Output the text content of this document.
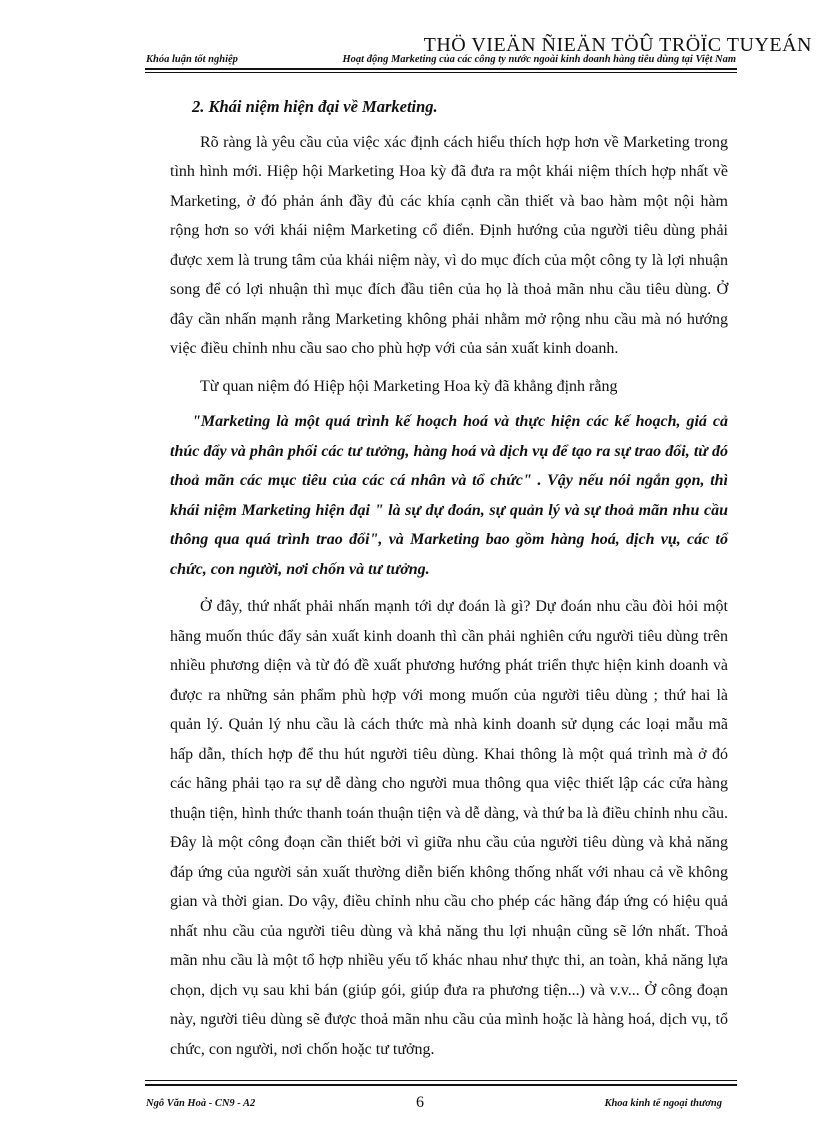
THÖ VIEÄN ÑIEÄN TÖÛ TRÖÏC TUYEÁN
Khóa luận tốt nghiệp	Hoạt động Marketing của các công ty nước ngoài kinh doanh hàng tiêu dùng tại Việt Nam
2. Khái niệm hiện đại về Marketing.

Rõ ràng là yêu cầu của việc xác định cách hiểu thích hợp hơn về Marketing trong tình hình mới. Hiệp hội Marketing Hoa kỳ đã đưa ra một khái niệm thích hợp nhất về Marketing, ở đó phản ánh đầy đủ các khía cạnh cần thiết và bao hàm một nội hàm rộng hơn so với khái niệm Marketing cổ điển. Định hướng của người tiêu dùng phải được xem là trung tâm của khái niệm này, vì do mục đích của một công ty là lợi nhuận song để có lợi nhuận thì mục đích đầu tiên của họ là thoả mãn nhu cầu tiêu dùng. Ở đây cần nhấn mạnh rằng Marketing không phải nhằm mở rộng nhu cầu mà nó hướng việc điều chỉnh nhu cầu sao cho phù hợp với của sản xuất kinh doanh.

Từ quan niệm đó Hiệp hội Marketing Hoa kỳ đã khẳng định rằng

"Marketing là một quá trình kế hoạch hoá và thực hiện các kế hoạch, giá cả thúc đẩy và phân phối các tư tưởng, hàng hoá và dịch vụ để tạo ra sự trao đổi, từ đó thoả mãn các mục tiêu của các cá nhân và tổ chức" . Vậy nếu nói ngắn gọn, thì khái niệm Marketing hiện đại " là sự dự đoán, sự quản lý và sự thoả mãn nhu cầu thông qua quá trình trao đổi", và Marketing bao gồm hàng hoá, dịch vụ, các tổ chức, con người, nơi chốn và tư tưởng.

Ở đây, thứ nhất phải nhấn mạnh tới dự đoán là gì? Dự đoán nhu cầu đòi hỏi một hãng muốn thúc đẩy sản xuất kinh doanh thì cần phải nghiên cứu người tiêu dùng trên nhiều phương diện và từ đó đề xuất phương hướng phát triển thực hiện kinh doanh và được ra những sản phẩm phù hợp với mong muốn của người tiêu dùng ; thứ hai là quản lý. Quản lý nhu cầu là cách thức mà nhà kinh doanh sử dụng các loại mẫu mã hấp dẫn, thích hợp để thu hút người tiêu dùng. Khai thông là một quá trình mà ở đó các hãng phải tạo ra sự dễ dàng cho người mua thông qua việc thiết lập các cửa hàng thuận tiện, hình thức thanh toán thuận tiện và dễ dàng, và thứ ba là điều chỉnh nhu cầu. Đây là một công đoạn cần thiết bởi vì giữa nhu cầu của người tiêu dùng và khả năng đáp ứng của người sản xuất thường diễn biến không thống nhất với nhau cả về không gian và thời gian. Do vậy, điều chỉnh nhu cầu cho phép các hãng đáp ứng có hiệu quả nhất nhu cầu của người tiêu dùng và khả năng thu lợi nhuận cũng sẽ lớn nhất. Thoả mãn nhu cầu là một tổ hợp nhiều yếu tố khác nhau như thực thi, an toàn, khả năng lựa chọn, dịch vụ sau khi bán (giúp gói, giúp đưa ra phương tiện...) và v.v... Ở công đoạn này, người tiêu dùng sẽ được thoả mãn nhu cầu của mình hoặc là hàng hoá, dịch vụ, tổ chức, con người, nơi chốn hoặc tư tưởng.

Ngô Văn Hoà - CN9 - A2	6	Khoa kinh tế ngoại thương
